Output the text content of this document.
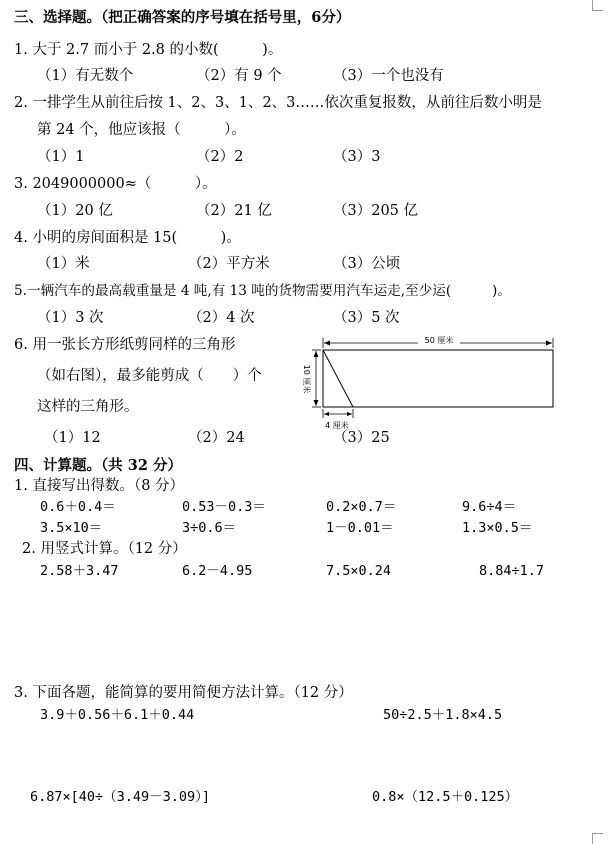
三、选择题。（把正确答案的序号填在括号里，6分）
1. 大于 2.7 而小于 2.8 的小数(　　　)。
（1）有无数个	（2）有 9 个	（3）一个也没有
2. 一排学生从前往后按 1、2、3、1、2、3……依次重复报数，从前往后数小明是
第 24 个，他应该报（　　　）。
（1）1	（2）2	（3）3
3. 2049000000≈（　　　）。
（1）20 亿	（2）21 亿	（3）205 亿
4. 小明的房间面积是 15(　　　)。
（1）米	（2）平方米	（3）公顷
5.一辆汽车的最高载重量是 4 吨,有 13 吨的货物需要用汽车运走,至少运(　　　)。
（1）3 次	（2）4 次	（3）5 次
6. 用一张长方形纸剪同样的三角形
（如右图），最多能剪成（　　）个
这样的三角形。
（1）12	（2）24	（3）25
50 厘米
10 厘米
4 厘米
四、计算题。（共 32 分）
1. 直接写出得数。（8 分）
0.6＋0.4＝	0.53－0.3＝	0.2×0.7＝	9.6÷4＝
3.5×10＝	3÷0.6＝	1－0.01＝	1.3×0.5＝
2. 用竖式计算。（12 分）
2.58＋3.47	6.2－4.95	7.5×0.24	8.84÷1.7
3. 下面各题，能简算的要用简便方法计算。（12 分）
3.9＋0.56＋6.1＋0.44	50÷2.5＋1.8×4.5
6.87×[40÷（3.49－3.09）]	0.8×（12.5＋0.125）
